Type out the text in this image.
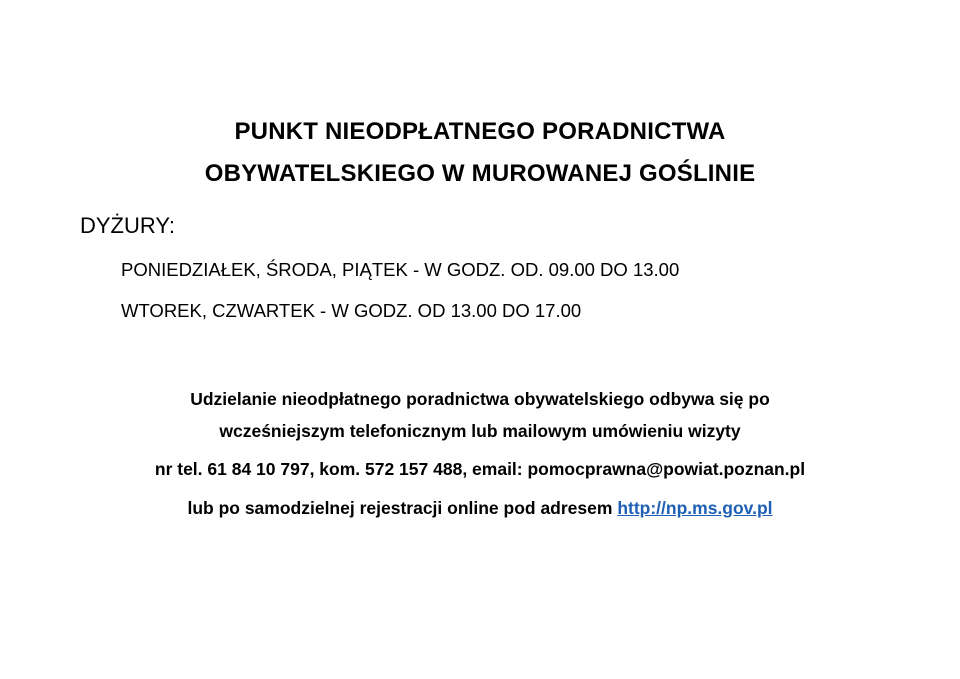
PUNKT NIEODPŁATNEGO PORADNICTWA
OBYWATELSKIEGO W MUROWANEJ GOŚLINIE
DYŻURY:
PONIEDZIAŁEK, ŚRODA, PIĄTEK - W GODZ. OD. 09.00 DO 13.00
WTOREK, CZWARTEK - W GODZ. OD 13.00 DO 17.00
Udzielanie nieodpłatnego poradnictwa obywatelskiego odbywa się po
wcześniejszym telefonicznym lub mailowym umówieniu wizyty
nr tel. 61 84 10 797, kom. 572 157 488, email: pomocprawna@powiat.poznan.pl
lub po samodzielnej rejestracji online pod adresem http://np.ms.gov.pl
